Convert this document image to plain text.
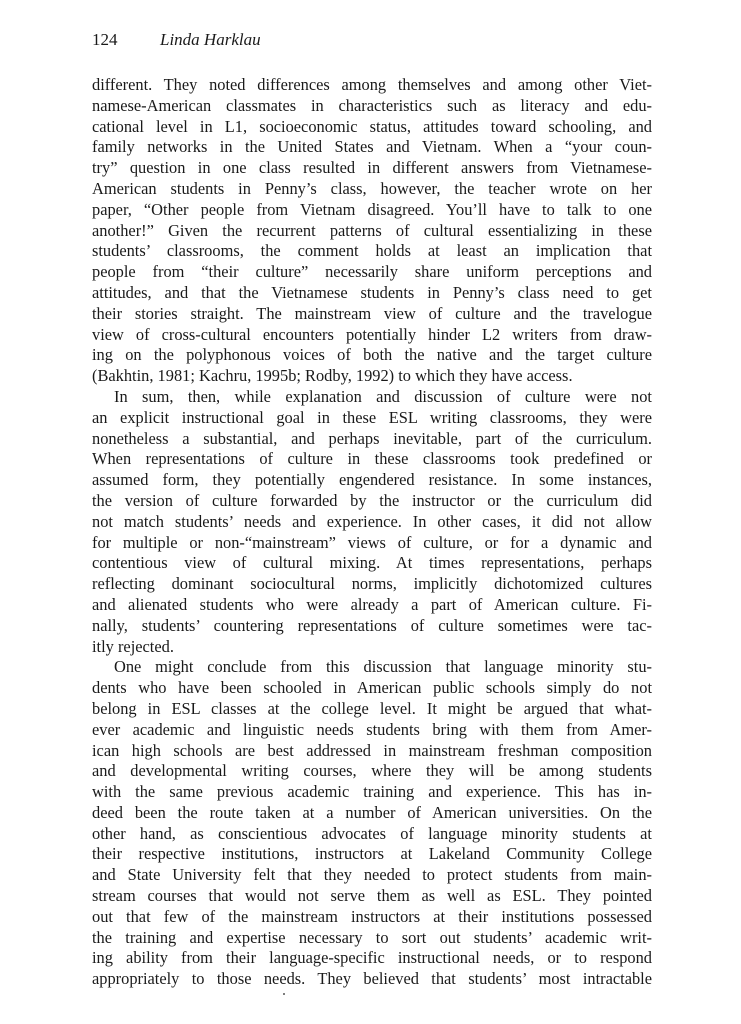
124	Linda Harklau
different. They noted differences among themselves and among other Viet-
namese-American classmates in characteristics such as literacy and edu-
cational level in L1, socioeconomic status, attitudes toward schooling, and
family networks in the United States and Vietnam. When a “your coun-
try” question in one class resulted in different answers from Vietnamese-
American students in Penny’s class, however, the teacher wrote on her
paper, “Other people from Vietnam disagreed. You’ll have to talk to one
another!” Given the recurrent patterns of cultural essentializing in these
students’ classrooms, the comment holds at least an implication that
people from “their culture” necessarily share uniform perceptions and
attitudes, and that the Vietnamese students in Penny’s class need to get
their stories straight. The mainstream view of culture and the travelogue
view of cross-cultural encounters potentially hinder L2 writers from draw-
ing on the polyphonous voices of both the native and the target culture
(Bakhtin, 1981; Kachru, 1995b; Rodby, 1992) to which they have access.
In sum, then, while explanation and discussion of culture were not
an explicit instructional goal in these ESL writing classrooms, they were
nonetheless a substantial, and perhaps inevitable, part of the curriculum.
When representations of culture in these classrooms took predefined or
assumed form, they potentially engendered resistance. In some instances,
the version of culture forwarded by the instructor or the curriculum did
not match students’ needs and experience. In other cases, it did not allow
for multiple or non-“mainstream” views of culture, or for a dynamic and
contentious view of cultural mixing. At times representations, perhaps
reflecting dominant sociocultural norms, implicitly dichotomized cultures
and alienated students who were already a part of American culture. Fi-
nally, students’ countering representations of culture sometimes were tac-
itly rejected.
One might conclude from this discussion that language minority stu-
dents who have been schooled in American public schools simply do not
belong in ESL classes at the college level. It might be argued that what-
ever academic and linguistic needs students bring with them from Amer-
ican high schools are best addressed in mainstream freshman composition
and developmental writing courses, where they will be among students
with the same previous academic training and experience. This has in-
deed been the route taken at a number of American universities. On the
other hand, as conscientious advocates of language minority students at
their respective institutions, instructors at Lakeland Community College
and State University felt that they needed to protect students from main-
stream courses that would not serve them as well as ESL. They pointed
out that few of the mainstream instructors at their institutions possessed
the training and expertise necessary to sort out students’ academic writ-
ing ability from their language-specific instructional needs, or to respond
appropriately to those needs. They believed that students’ most intractable
